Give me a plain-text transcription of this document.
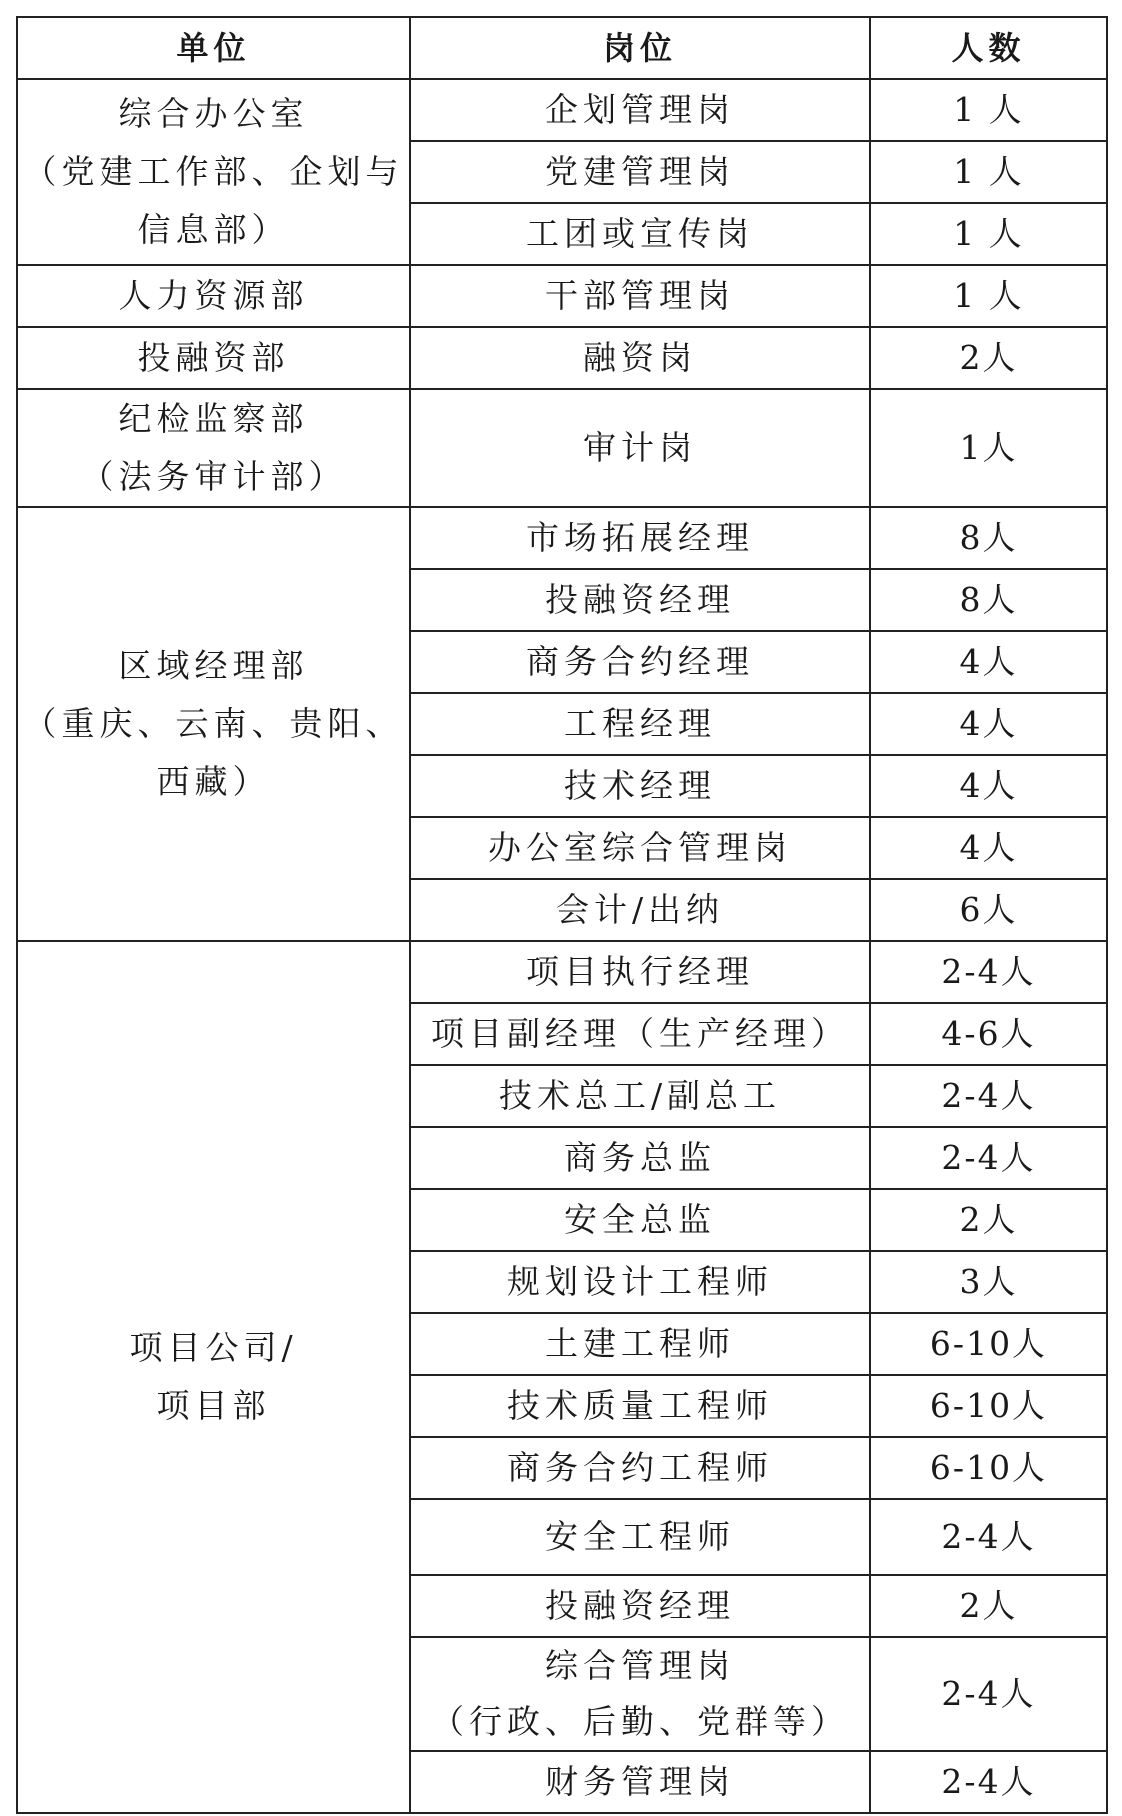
单位	岗位	人数
综合办公室
（党建工作部、企划与
信息部）	企划管理岗	1 人
	党建管理岗	1 人
	工团或宣传岗	1 人
人力资源部	干部管理岗	1 人
投融资部	融资岗	2人
纪检监察部
（法务审计部）	审计岗	1人
区域经理部
（重庆、云南、贵阳、
西藏）	市场拓展经理	8人
	投融资经理	8人
	商务合约经理	4人
	工程经理	4人
	技术经理	4人
	办公室综合管理岗	4人
	会计/出纳	6人
项目公司/
项目部	项目执行经理	2-4人
	项目副经理（生产经理）	4-6人
	技术总工/副总工	2-4人
	商务总监	2-4人
	安全总监	2人
	规划设计工程师	3人
	土建工程师	6-10人
	技术质量工程师	6-10人
	商务合约工程师	6-10人
	安全工程师	2-4人
	投融资经理	2人
	综合管理岗
（行政、后勤、党群等）	2-4人
	财务管理岗	2-4人
